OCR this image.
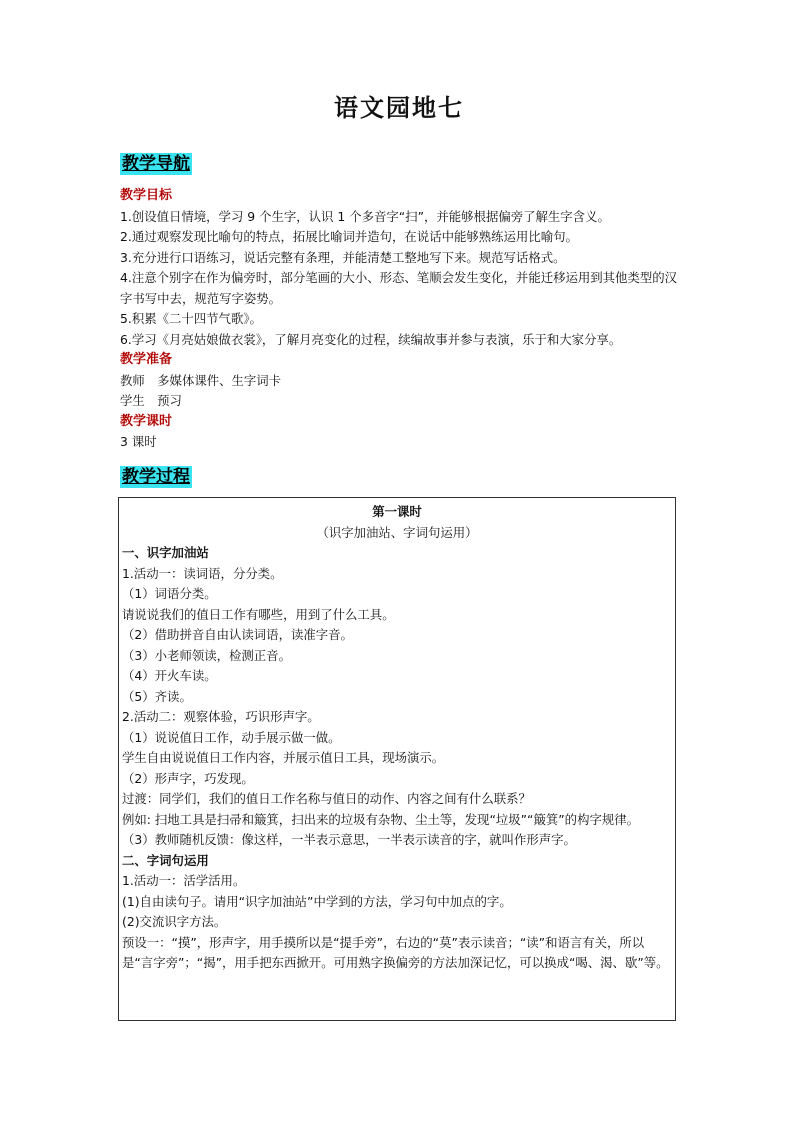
语文园地七
教学导航
教学目标
1.创设值日情境，学习 9 个生字，认识 1 个多音字“扫”，并能够根据偏旁了解生字含义。
2.通过观察发现比喻句的特点，拓展比喻词并造句，在说话中能够熟练运用比喻句。
3.充分进行口语练习，说话完整有条理，并能清楚工整地写下来。规范写话格式。
4.注意个别字在作为偏旁时，部分笔画的大小、形态、笔顺会发生变化，并能迁移运用到其他类型的汉字书写中去，规范写字姿势。
5.积累《二十四节气歌》。
6.学习《月亮姑娘做衣裳》，了解月亮变化的过程，续编故事并参与表演，乐于和大家分享。
教学准备
教师　多媒体课件、生字词卡
学生　预习
教学课时
3 课时
教学过程
第一课时
（识字加油站、字词句运用）
一、识字加油站
1.活动一：读词语，分分类。
（1）词语分类。
请说说我们的值日工作有哪些，用到了什么工具。
（2）借助拼音自由认读词语，读准字音。
（3）小老师领读，检测正音。
（4）开火车读。
（5）齐读。
2.活动二：观察体验，巧识形声字。
（1）说说值日工作，动手展示做一做。
学生自由说说值日工作内容，并展示值日工具，现场演示。
（2）形声字，巧发现。
过渡：同学们，我们的值日工作名称与值日的动作、内容之间有什么联系？
例如: 扫地工具是扫帚和簸箕，扫出来的垃圾有杂物、尘土等，发现“垃圾”“簸箕”的构字规律。
（3）教师随机反馈：像这样，一半表示意思，一半表示读音的字，就叫作形声字。
二、字词句运用
1.活动一：活学活用。
(1)自由读句子。请用“识字加油站”中学到的方法，学习句中加点的字。
(2)交流识字方法。
预设一：“摸”，形声字，用手摸所以是“提手旁”，右边的“莫”表示读音；“读”和语言有关，所以是“言字旁”；“揭”，用手把东西掀开。可用熟字换偏旁的方法加深记忆，可以换成“喝、渴、歇”等。
